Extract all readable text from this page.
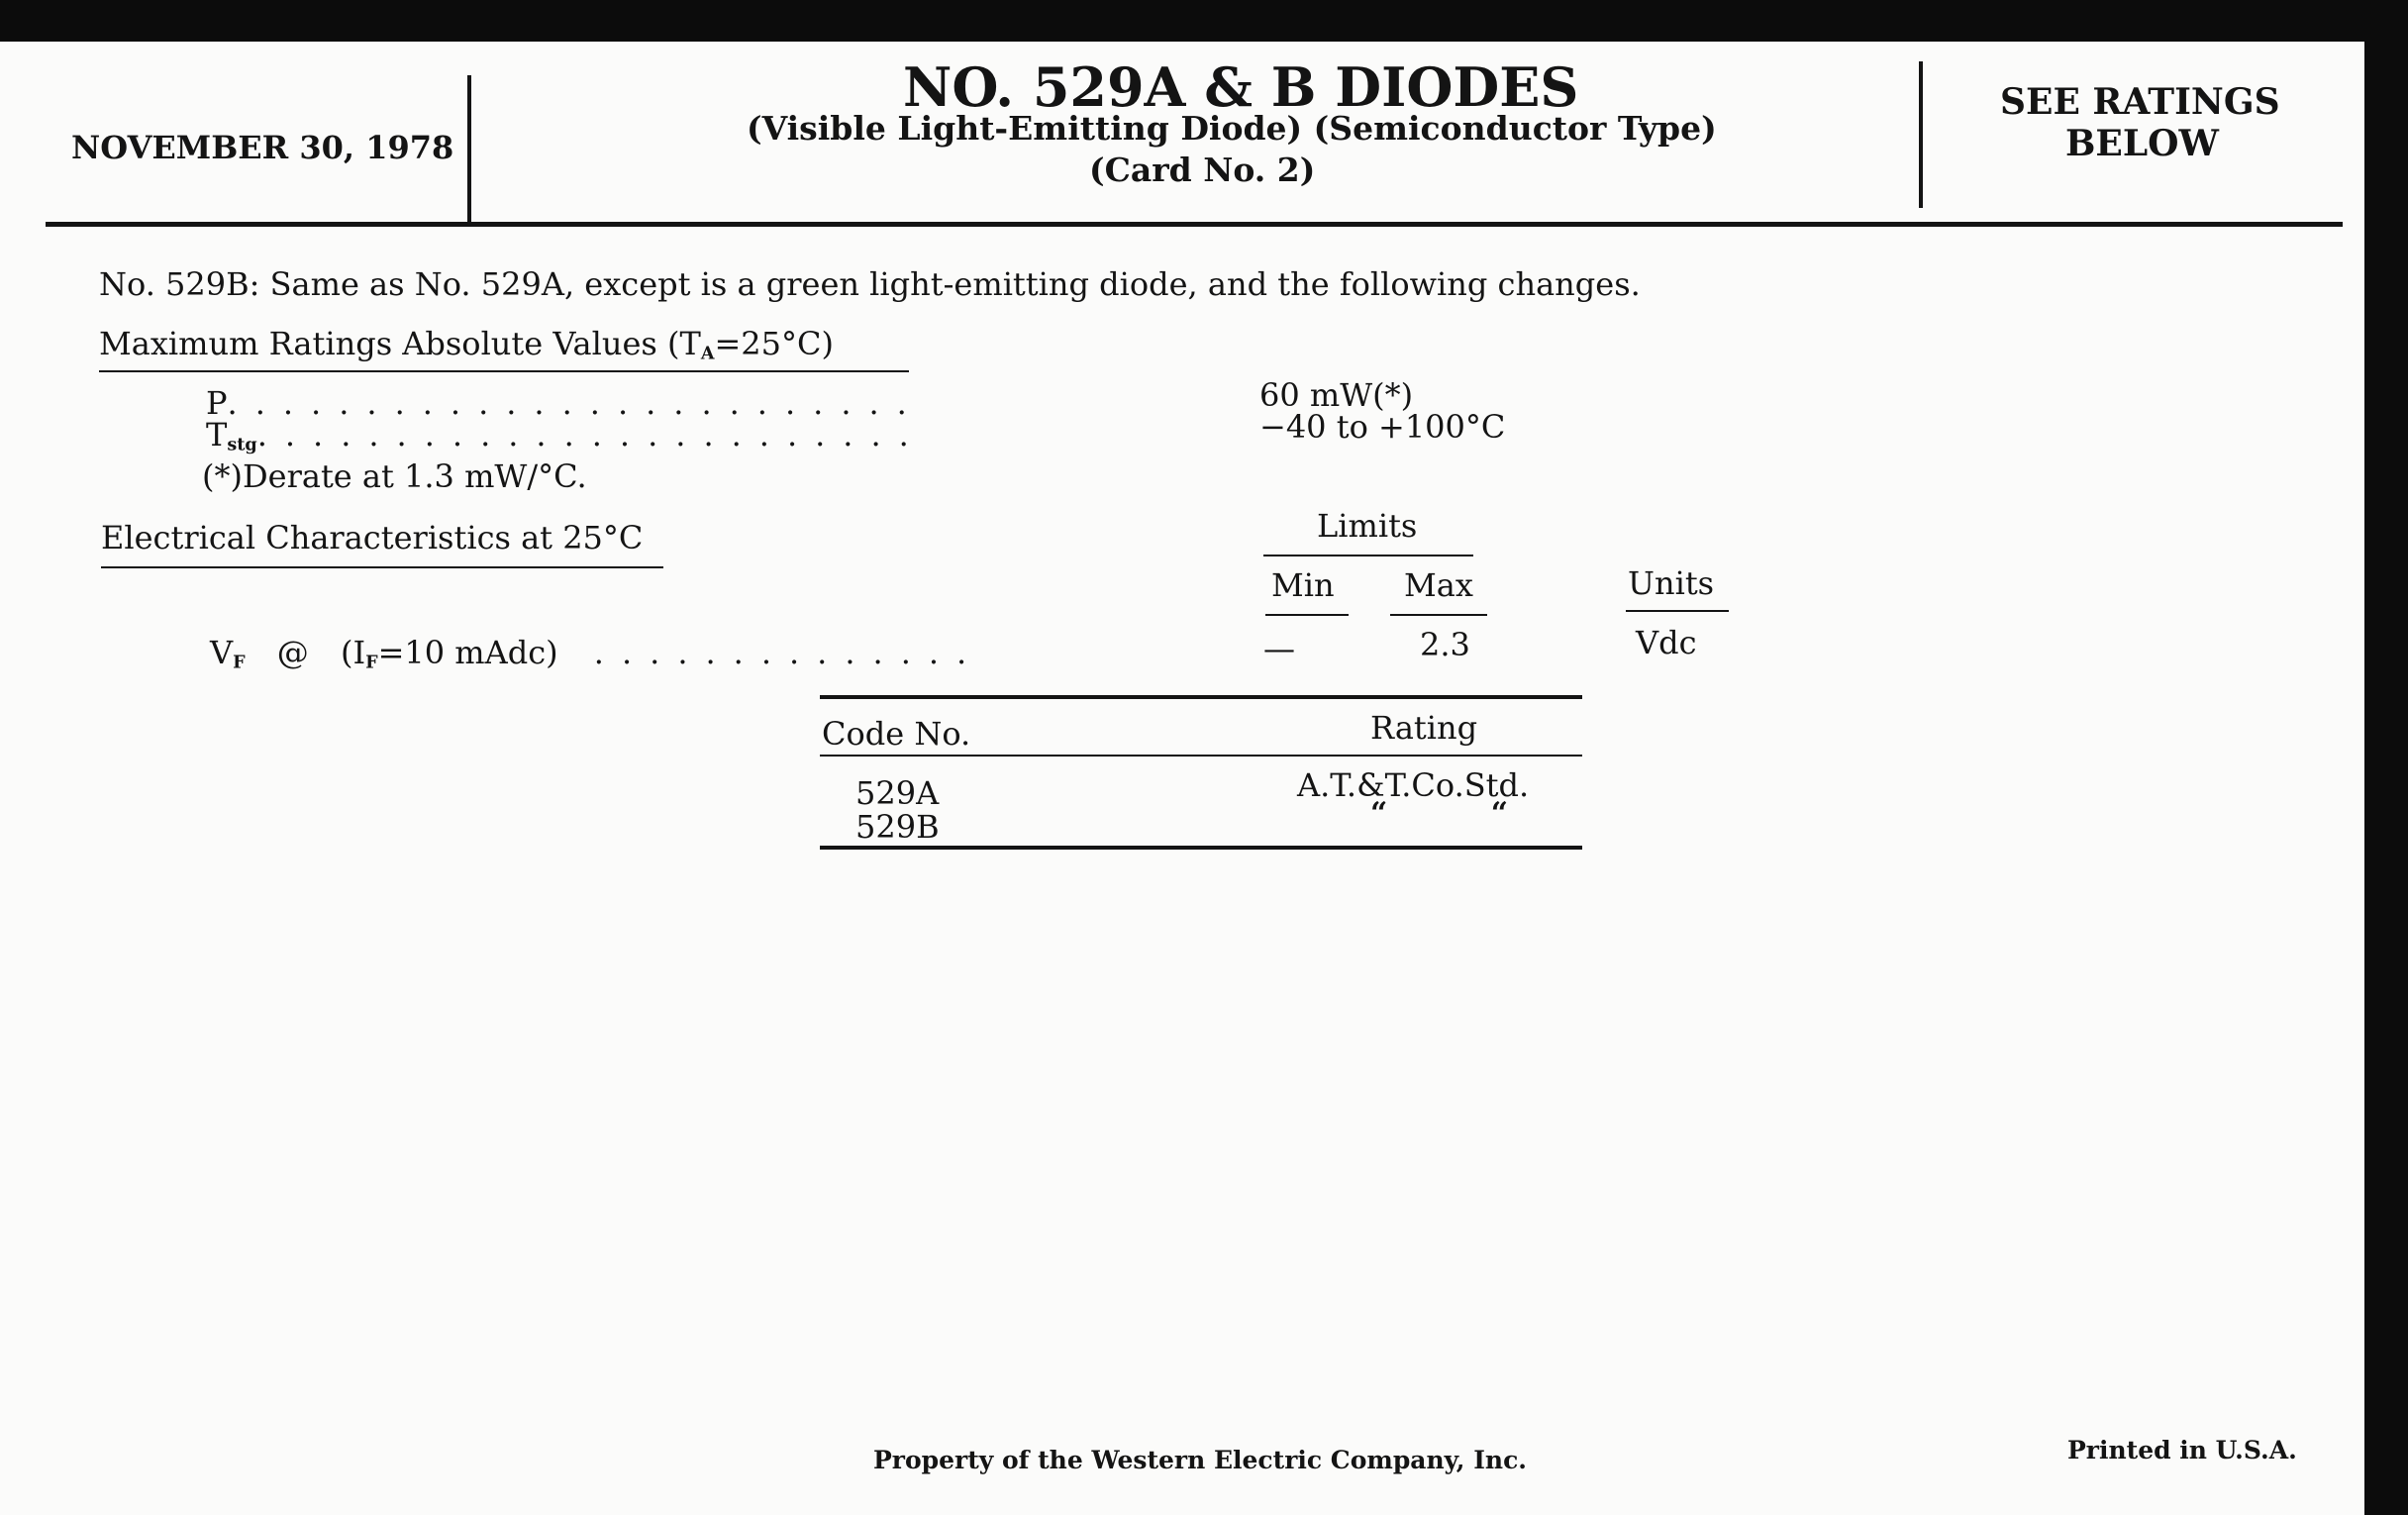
NOVEMBER 30, 1978
NO. 529A & B DIODES
(Visible Light-Emitting Diode) (Semiconductor Type)
(Card No. 2)
SEE RATINGS
BELOW
No. 529B: Same as No. 529A, except is a green light-emitting diode, and the following changes.
Maximum Ratings Absolute Values $(T_A=25^\circ C)$
P.........................	60 mW(*)
$T_{stg}$........................	−40 to +100°C
(*)Derate at 1.3 mW/°C.
Electrical Characteristics at 25°C	Limits
Min Max	Units
$V_F$ @ ($I_F=10$ mAdc) ..............	—	2.3	Vdc
Code No.	Rating
529A	A.T.&T.Co.Std.
529B	“          “
Property of the Western Electric Company, Inc.	Printed in U.S.A.
